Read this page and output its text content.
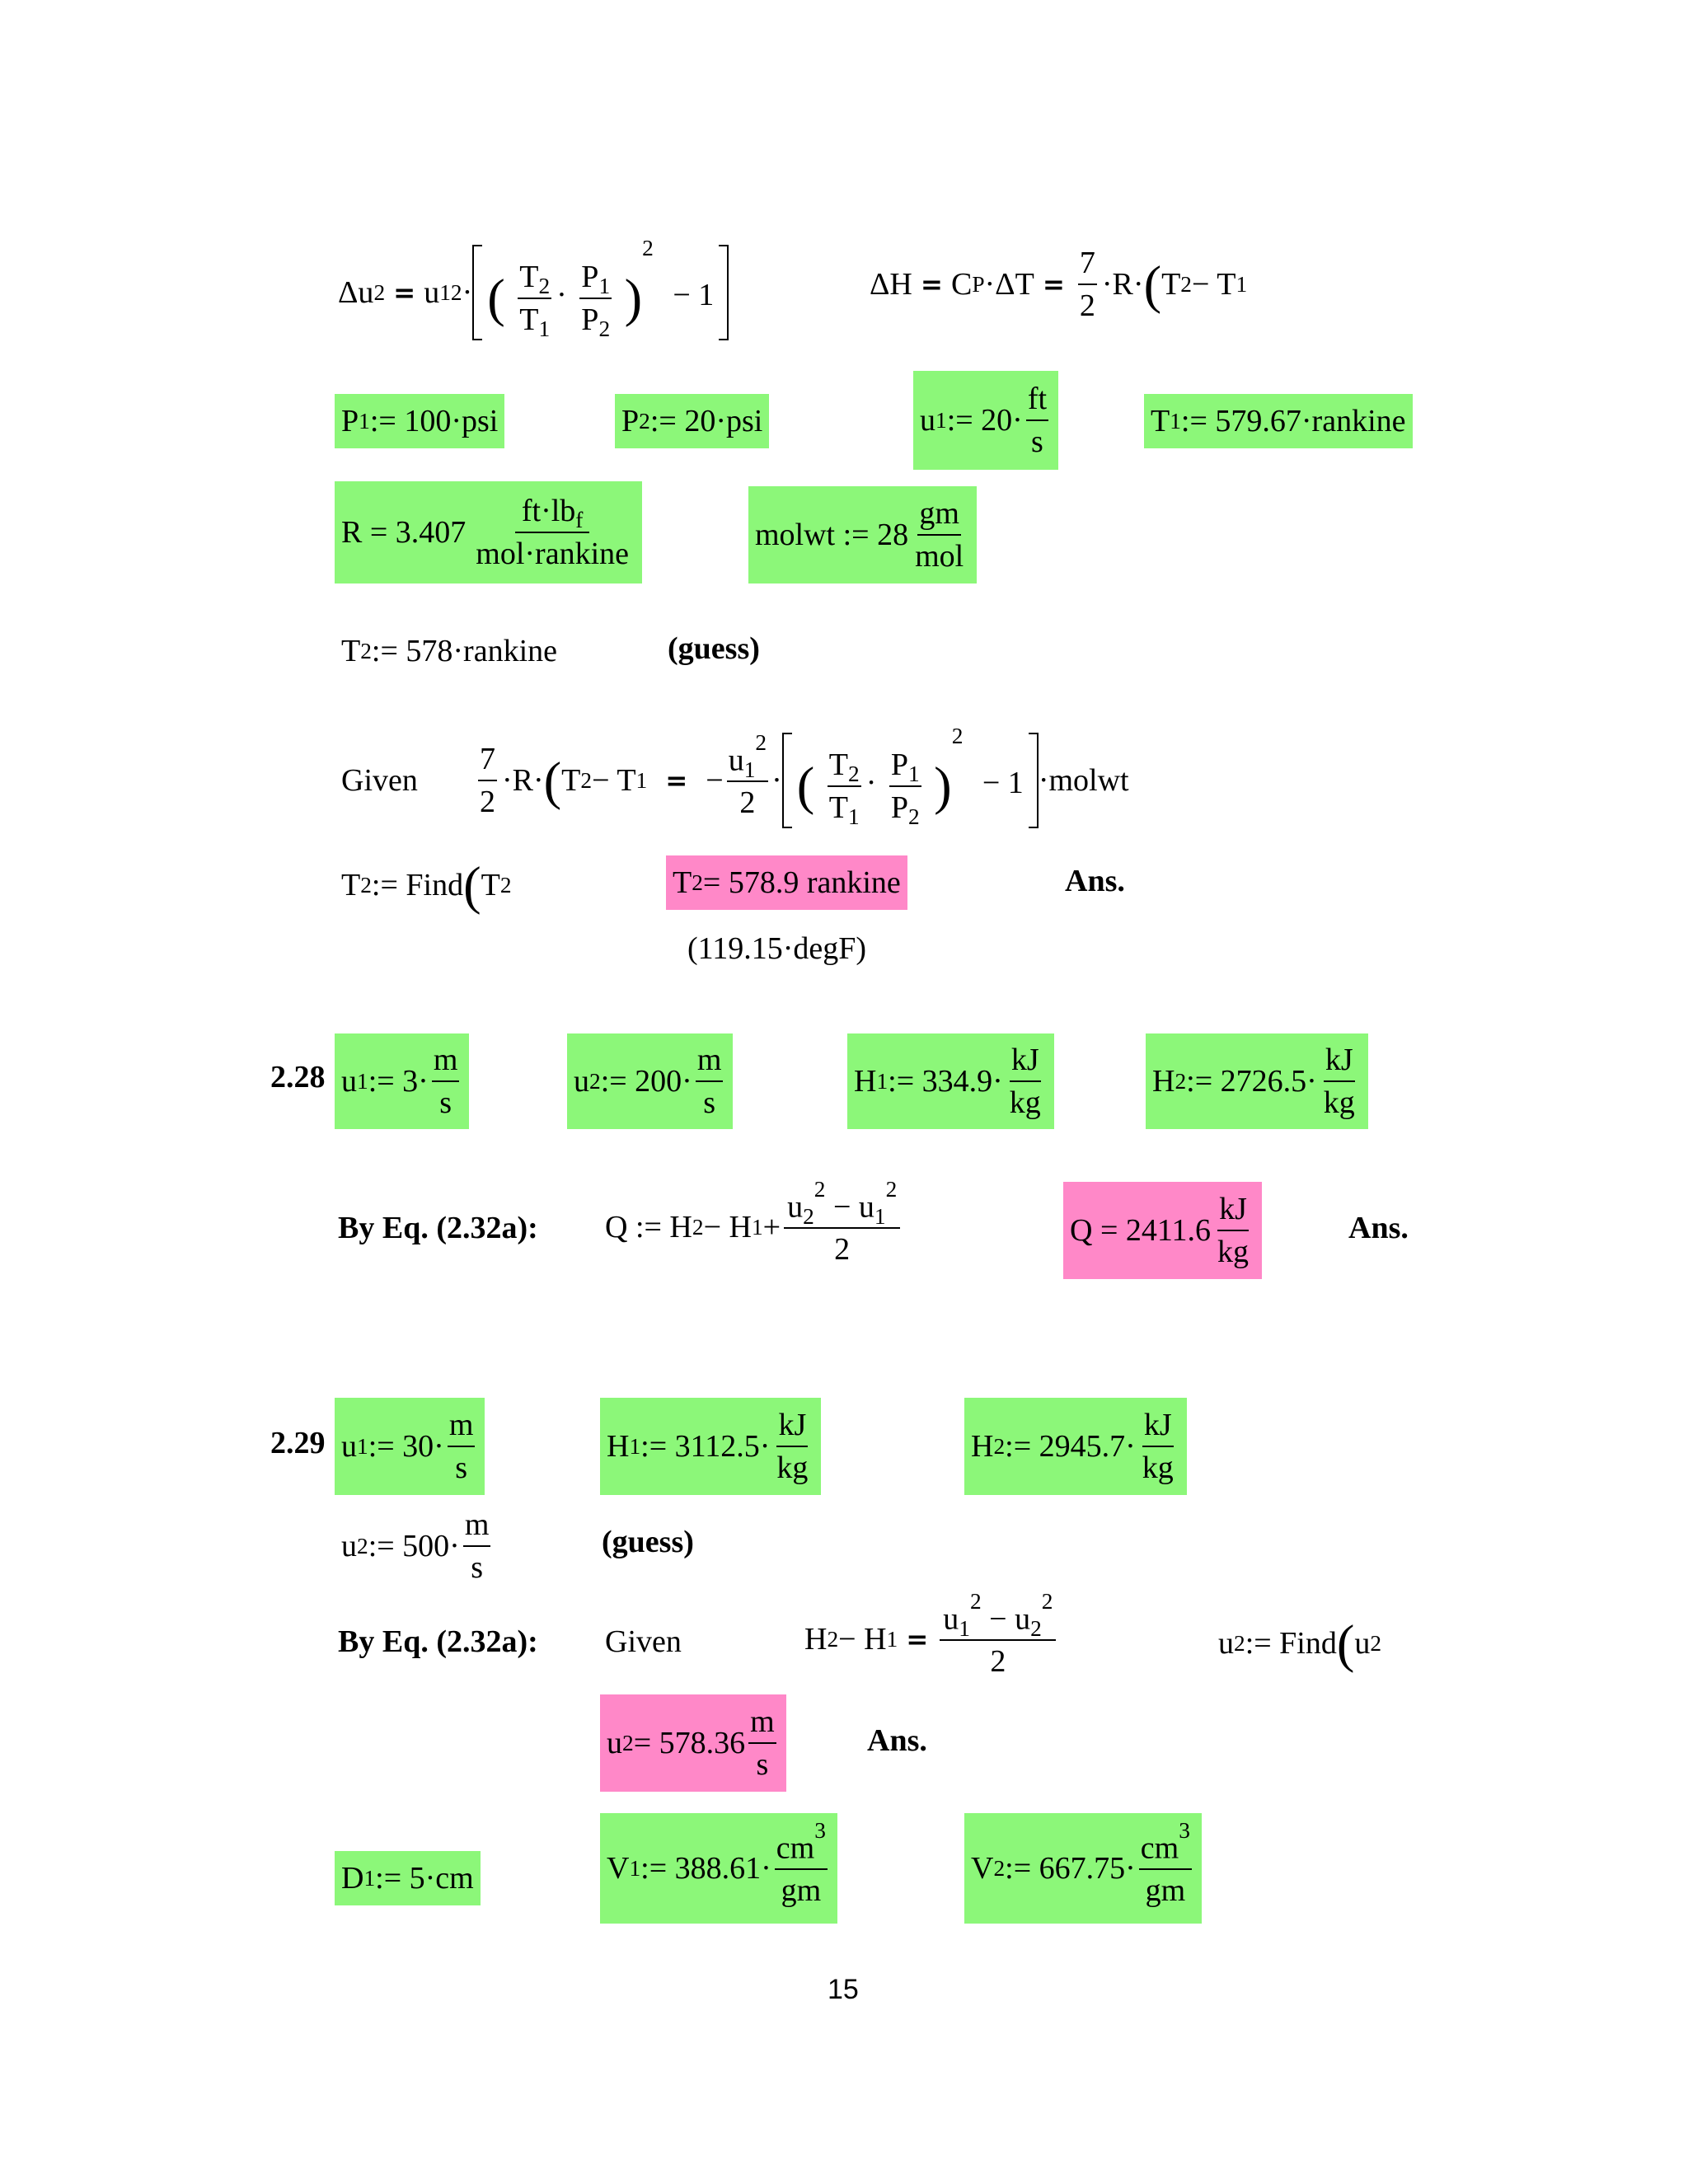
Δu 2 = u 1 2 · ( $\frac{T_2}{T_1} \cdot \frac{P_1}{P_2} )^2 - 1$	ΔH = C $P \cdot\Delta T = \frac{7}{2} \cdot R\cdot$ ( T 2 − T 1
P 1 := 100·psi	P 2 := 20·psi	u 1 := $20\cdot \frac{ft}{s}$	T 1 := 579.67·rankine
$R = 3.407 \frac{ft\cdot lb_f}{\text{mol·rankine}}$	molwt := $28 \frac{gm}{\text{mol}}$
T 2 := 578·rankine	(guess)
Given $\frac{7}{2} \cdot R\cdot$ ( T 2 − T 1 = − $\frac{u_1^2}{2}$ · ( $\frac{T_2}{T_1} \cdot \frac{P_1}{P_2} )^2 - 1$ ·molwt
T 2 := Find ( T 2	T 2 = 578.9 rankine	Ans.
(119.15·degF)
2.28 u 1 := $3\cdot \frac{m}{s}$	u 2 := $200\cdot \frac{m}{s}$	H 1 := $334.9\cdot \frac{kJ}{kg}$	H 2 := $2726.5\cdot \frac{kJ}{kg}$
By Eq. (2.32a): Q := H 2 − H $1 + \frac{u_2^2 - u_1^2}{2}$	$Q = 2411.6 \frac{kJ}{kg}$	Ans.
2.29 u 1 := $30\cdot \frac{m}{s}$	H 1 := $3112.5\cdot \frac{kJ}{kg}$	H 2 := $2945.7\cdot \frac{kJ}{kg}$
u 2 := $500\cdot \frac{m}{s}$	(guess)
By Eq. (2.32a): Given	H 2 − H $1 = \frac{u_1^2 - u_2^2}{2}$	u 2 := Find ( u 2
u $2 = 578.36 \frac{m}{s}$	Ans.
D 1 := 5·cm	V 1 := $388.61\cdot \frac{cm^3}{gm}$	V 2 := $667.75\cdot \frac{cm^3}{gm}$
15
